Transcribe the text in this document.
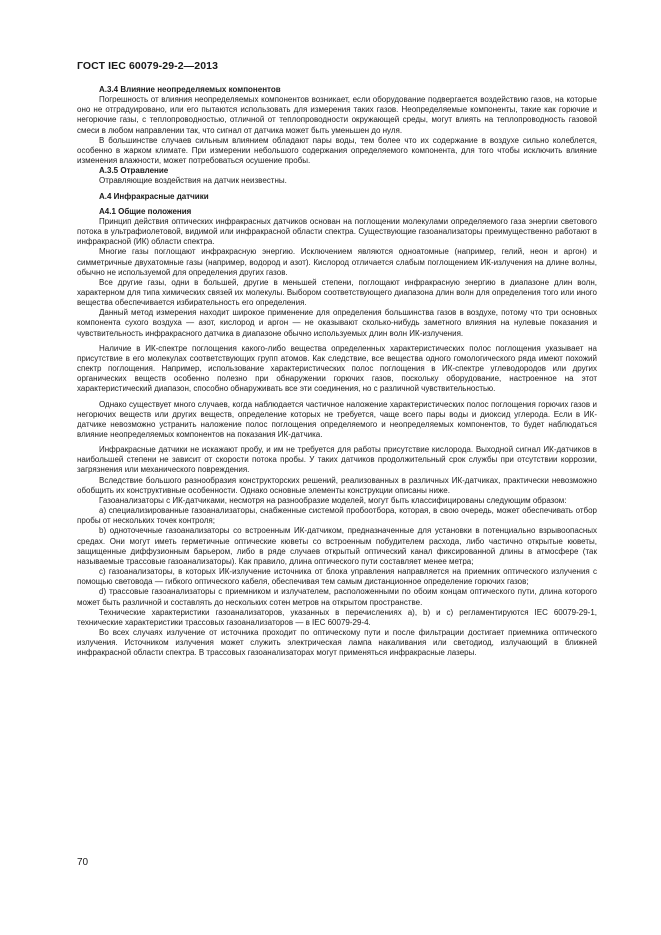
ГОСТ IEC 60079-29-2—2013
А.3.4 Влияние неопределяемых компонентов

Погрешность от влияния неопределяемых компонентов возникает, если оборудование подвергается воздействию газов, на которые оно не отградуировано, или его пытаются использовать для измерения таких газов. Неопределяемые компоненты, такие как горючие и негорючие газы, с теплопроводностью, отличной от теплопроводности окружающей среды, могут влиять на теплопроводность газовой смеси в любом направлении так, что сигнал от датчика может быть уменьшен до нуля.

В большинстве случаев сильным влиянием обладают пары воды, тем более что их содержание в воздухе сильно колеблется, особенно в жарком климате. При измерении небольшого содержания определяемого компонента, для того чтобы исключить влияние изменения влажности, может потребоваться осушение пробы.

А.3.5 Отравление

Отравляющие воздействия на датчик неизвестны.

А.4 Инфракрасные датчики
А4.1 Общие положения

Принцип действия оптических инфракрасных датчиков основан на поглощении молекулами определяемого газа энергии светового потока в ультрафиолетовой, видимой или инфракрасной области спектра. Существующие газоанализаторы преимущественно работают в инфракрасной (ИК) области спектра.

Многие газы поглощают инфракрасную энергию. Исключением являются одноатомные (например, гелий, неон и аргон) и симметричные двухатомные газы (например, водород и азот). Кислород отличается слабым поглощением ИК-излучения на длине волны, обычно не используемой для определения других газов.

Все другие газы, одни в большей, другие в меньшей степени, поглощают инфракрасную энергию в диапазоне длин волн, характерном для типа химических связей их молекулы. Выбором соответствующего диапазона длин волн для определения того или иного вещества обеспечивается избирательность его определения.

Данный метод измерения находит широкое применение для определения большинства газов в воздухе, потому что три основных компонента сухого воздуха — азот, кислород и аргон — не оказывают сколько-нибудь заметного влияния на нулевые показания и чувствительность инфракрасного датчика в диапазоне обычно используемых длин волн ИК-излучения.

Наличие в ИК-спектре поглощения какого-либо вещества определенных характеристических полос поглощения указывает на присутствие в его молекулах соответствующих групп атомов. Как следствие, все вещества одного гомологического ряда имеют похожий спектр поглощения. Например, использование характеристических полос поглощения в ИК-спектре углеводородов или других органических веществ особенно полезно при обнаружении горючих газов, поскольку оборудование, настроенное на этот характеристический диапазон, способно обнаруживать все эти соединения, но с различной чувствительностью.

Однако существует много случаев, когда наблюдается частичное наложение характеристических полос поглощения горючих газов и негорючих веществ или других веществ, определение которых не требуется, чаще всего пары воды и диоксид углерода. Если в ИК-датчике невозможно устранить наложение полос поглощения определяемого и неопределяемых компонентов, то будет наблюдаться влияние неопределяемых компонентов на показания ИК-датчика.

Инфракрасные датчики не искажают пробу, и им не требуется для работы присутствие кислорода. Выходной сигнал ИК-датчиков в наибольшей степени не зависит от скорости потока пробы. У таких датчиков продолжительный срок службы при отсутствии коррозии, загрязнения или механического повреждения.

Вследствие большого разнообразия конструкторских решений, реализованных в различных ИК-датчиках, практически невозможно обобщить их конструктивные особенности. Однако основные элементы конструкции описаны ниже.

Газоанализаторы с ИК-датчиками, несмотря на разнообразие моделей, могут быть классифицированы следующим образом:

а) специализированные газоанализаторы, снабженные системой пробоотбора, которая, в свою очередь, может обеспечивать отбор пробы от нескольких точек контроля;

b) одноточечные газоанализаторы со встроенным ИК-датчиком, предназначенные для установки в потенциально взрывоопасных средах. Они могут иметь герметичные оптические кюветы со встроенным побудителем расхода, либо частично открытые кюветы, защищенные диффузионным барьером, либо в ряде случаев открытый оптический канал фиксированной длины в атмосфере (так называемые трассовые газоанализаторы). Как правило, длина оптического пути составляет менее метра;

с) газоанализаторы, в которых ИК-излучение источника от блока управления направляется на приемник оптического излучения с помощью световода — гибкого оптического кабеля, обеспечивая тем самым дистанционное определение горючих газов;

d) трассовые газоанализаторы с приемником и излучателем, расположенными по обоим концам оптического пути, длина которого может быть различной и составлять до нескольких сотен метров на открытом пространстве.

Технические характеристики газоанализаторов, указанных в перечислениях а), b) и с) регламентируются IEC 60079-29-1, технические характеристики трассовых газоанализаторов — в IEC 60079-29-4.

Во всех случаях излучение от источника проходит по оптическому пути и после фильтрации достигает приемника оптического излучения. Источником излучения может служить электрическая лампа накаливания или светодиод, излучающий в ближней инфракрасной области спектра. В трассовых газоанализаторах могут применяться инфракрасные лазеры.

70
